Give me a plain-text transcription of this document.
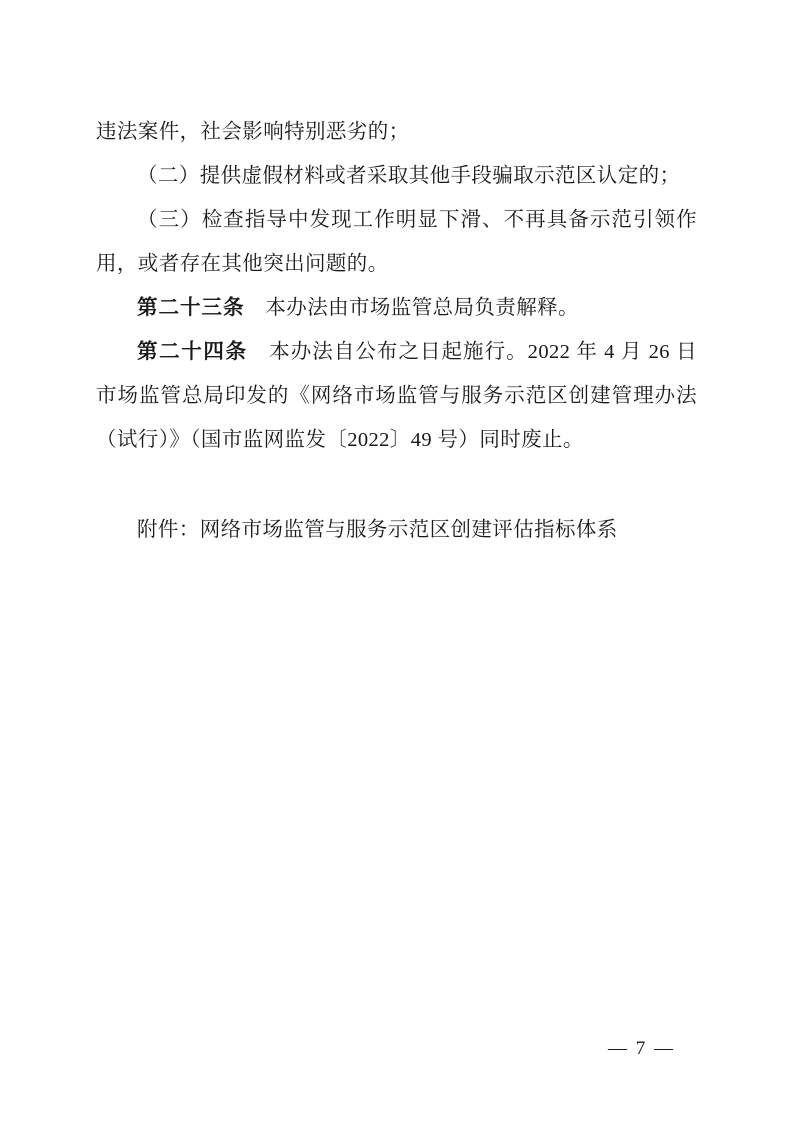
违法案件，社会影响特别恶劣的；

（二）提供虚假材料或者采取其他手段骗取示范区认定的；

（三）检查指导中发现工作明显下滑、不再具备示范引领作用，或者存在其他突出问题的。

第二十三条　本办法由市场监管总局负责解释。

第二十四条　本办法自公布之日起施行。2022 年 4 月 26 日市场监管总局印发的《网络市场监管与服务示范区创建管理办法（试行）》（国市监网监发〔2022〕49 号）同时废止。

附件：网络市场监管与服务示范区创建评估指标体系

— 7 —
